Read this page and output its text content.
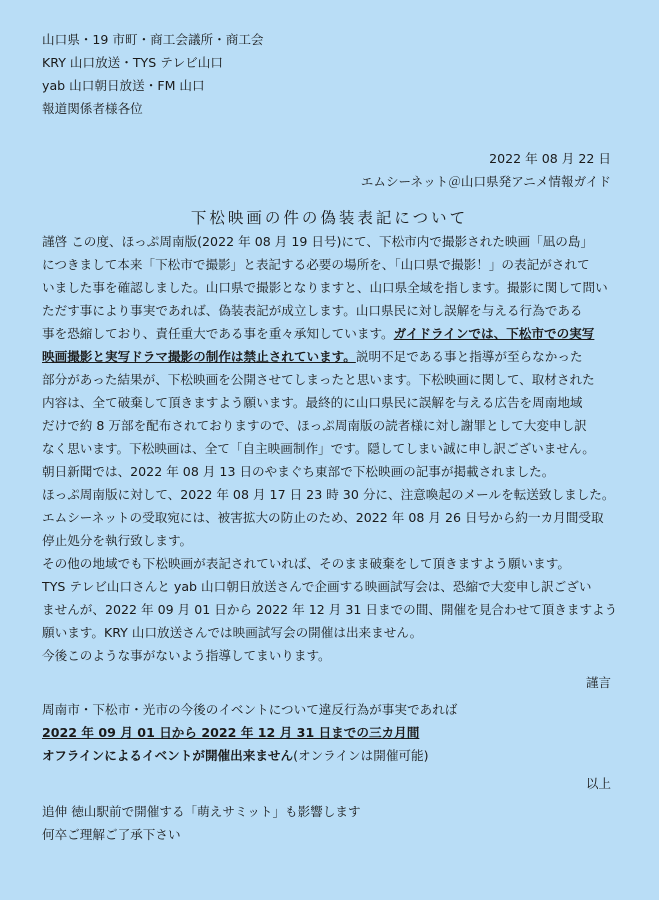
山口県・19 市町・商工会議所・商工会
KRY 山口放送・TYS テレビ山口
yab 山口朝日放送・FM 山口
報道関係者様各位
2022 年 08 月 22 日
エムシーネット＠山口県発アニメ情報ガイド
下松映画の件の偽装表記について
謹啓 この度、ほっぷ周南版(2022 年 08 月 19 日号)にて、下松市内で撮影された映画「凪の島」
につきまして本来「下松市で撮影」と表記する必要の場所を、「山口県で撮影！」の表記がされて
いました事を確認しました。山口県で撮影となりますと、山口県全域を指します。撮影に関して問い
ただす事により事実であれば、偽装表記が成立します。山口県民に対し誤解を与える行為である
事を恐縮しており、責任重大である事を重々承知しています。ガイドラインでは、下松市での実写
映画撮影と実写ドラマ撮影の制作は禁止されています。説明不足である事と指導が至らなかった
部分があった結果が、下松映画を公開させてしまったと思います。下松映画に関して、取材された
内容は、全て破棄して頂きますよう願います。最終的に山口県民に誤解を与える広告を周南地域
だけで約 8 万部を配布されておりますので、ほっぷ周南版の読者様に対し謝罪として大変申し訳
なく思います。下松映画は、全て「自主映画制作」です。隠してしまい誠に申し訳ございません。
朝日新聞では、2022 年 08 月 13 日のやまぐち東部で下松映画の記事が掲載されました。
ほっぷ周南版に対して、2022 年 08 月 17 日 23 時 30 分に、注意喚起のメールを転送致しました。
エムシーネットの受取宛には、被害拡大の防止のため、2022 年 08 月 26 日号から約一カ月間受取
停止処分を執行致します。
その他の地域でも下松映画が表記されていれば、そのまま破棄をして頂きますよう願います。
TYS テレビ山口さんと yab 山口朝日放送さんで企画する映画試写会は、恐縮で大変申し訳ござい
ませんが、2022 年 09 月 01 日から 2022 年 12 月 31 日までの間、開催を見合わせて頂きますよう
願います。KRY 山口放送さんでは映画試写会の開催は出来ません。
今後このような事がないよう指導してまいります。
謹言
周南市・下松市・光市の今後のイベントについて違反行為が事実であれば
2022 年 09 月 01 日から 2022 年 12 月 31 日までの三カ月間
オフラインによるイベントが開催出来ません(オンラインは開催可能)
以上
追伸 徳山駅前で開催する「萌えサミット」も影響します
何卒ご理解ご了承下さい
